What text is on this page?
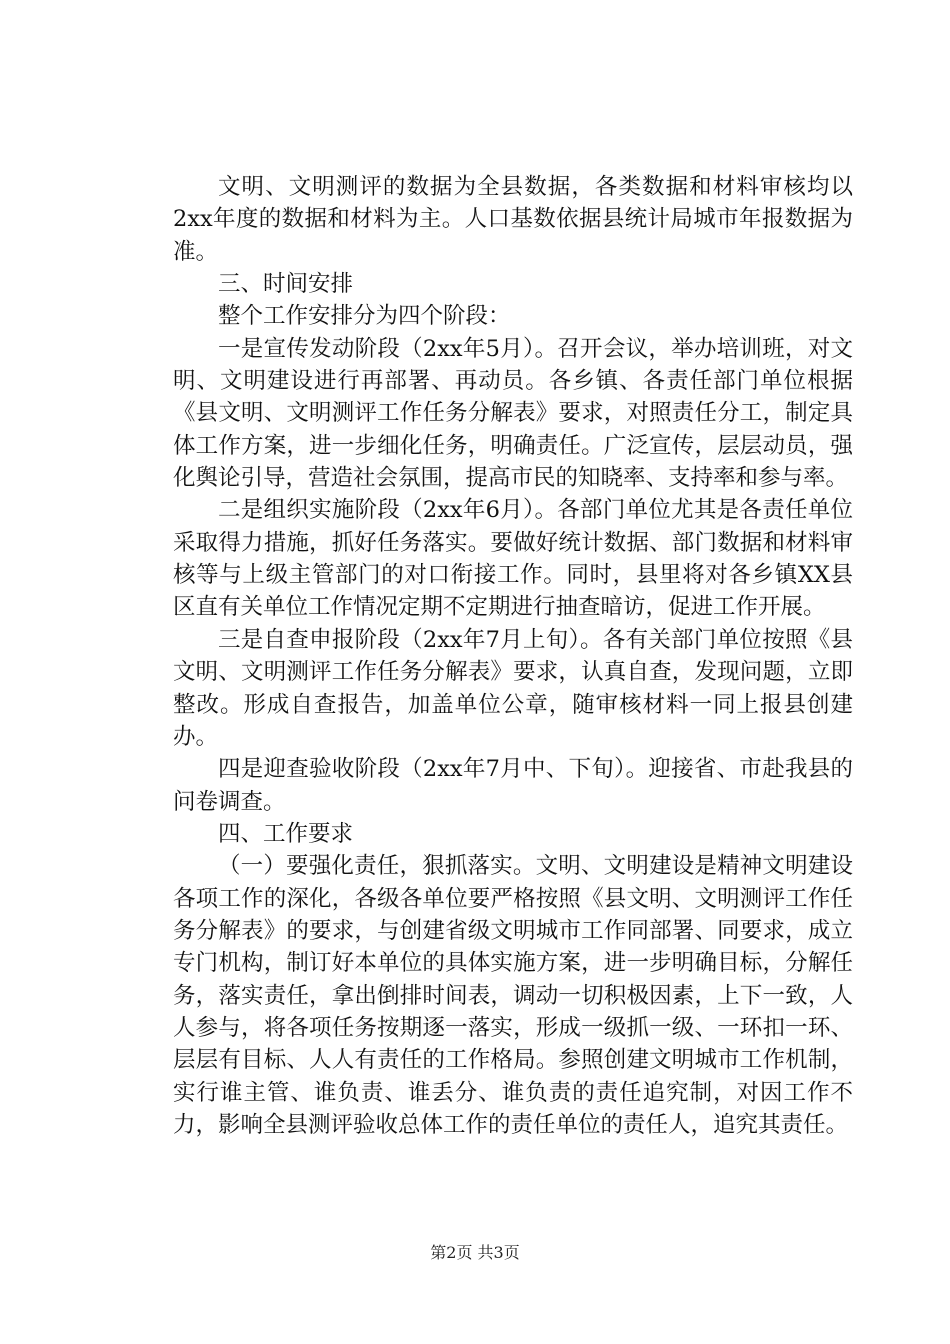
文明、文明测评的数据为全县数据，各类数据和材料审核均以2xx年度的数据和材料为主。人口基数依据县统计局城市年报数据为准。

三、时间安排

整个工作安排分为四个阶段：

一是宣传发动阶段（2xx年5月）。召开会议，举办培训班，对文明、文明建设进行再部署、再动员。各乡镇、各责任部门单位根据《县文明、文明测评工作任务分解表》要求，对照责任分工，制定具体工作方案，进一步细化任务，明确责任。广泛宣传，层层动员，强化舆论引导，营造社会氛围，提高市民的知晓率、支持率和参与率。

二是组织实施阶段（2xx年6月）。各部门单位尤其是各责任单位采取得力措施，抓好任务落实。要做好统计数据、部门数据和材料审核等与上级主管部门的对口衔接工作。同时，县里将对各乡镇XX县区直有关单位工作情况定期不定期进行抽查暗访，促进工作开展。

三是自查申报阶段（2xx年7月上旬）。各有关部门单位按照《县文明、文明测评工作任务分解表》要求，认真自查，发现问题，立即整改。形成自查报告，加盖单位公章，随审核材料一同上报县创建办。

四是迎查验收阶段（2xx年7月中、下旬）。迎接省、市赴我县的问卷调查。

四、工作要求

（一）要强化责任，狠抓落实。文明、文明建设是精神文明建设各项工作的深化，各级各单位要严格按照《县文明、文明测评工作任务分解表》的要求，与创建省级文明城市工作同部署、同要求，成立专门机构，制订好本单位的具体实施方案，进一步明确目标，分解任务，落实责任，拿出倒排时间表，调动一切积极因素，上下一致，人人参与，将各项任务按期逐一落实，形成一级抓一级、一环扣一环、层层有目标、人人有责任的工作格局。参照创建文明城市工作机制，实行谁主管、谁负责、谁丢分、谁负责的责任追究制，对因工作不力，影响全县测评验收总体工作的责任单位的责任人，追究其责任。

第2页 共3页
